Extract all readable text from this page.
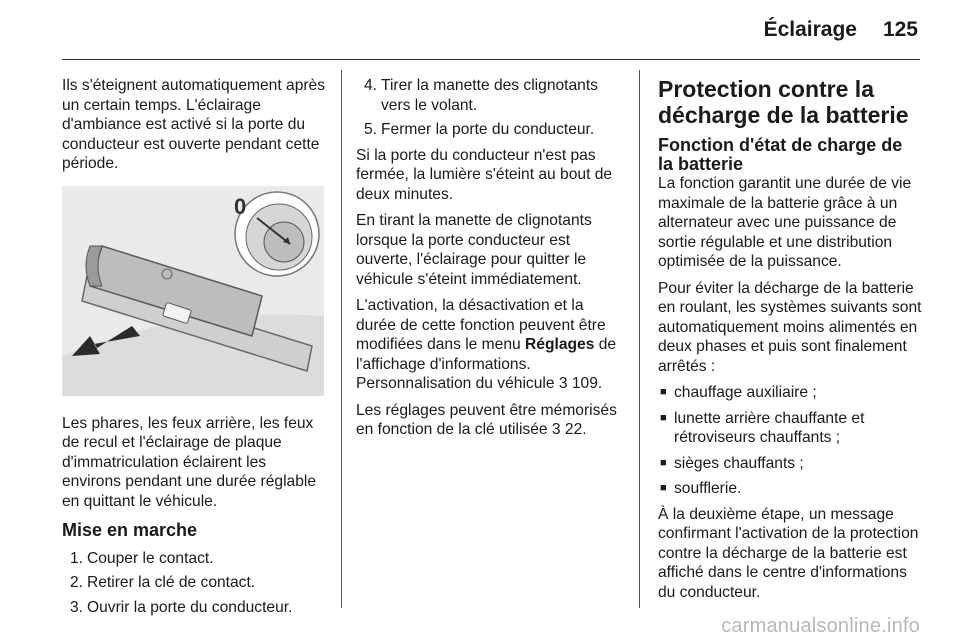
Éclairage 125

Ils s'éteignent automatiquement après un certain temps. L'éclairage d'ambiance est activé si la porte du conducteur est ouverte pendant cette période.

0

Les phares, les feux arrière, les feux de recul et l'éclairage de plaque d'immatriculation éclairent les environs pendant une durée réglable en quittant le véhicule.

Mise en marche
1. Couper le contact.
2. Retirer la clé de contact.
3. Ouvrir la porte du conducteur.
4. Tirer la manette des clignotants vers le volant.
5. Fermer la porte du conducteur.

Si la porte du conducteur n'est pas fermée, la lumière s'éteint au bout de deux minutes.

En tirant la manette de clignotants lorsque la porte conducteur est ouverte, l'éclairage pour quitter le véhicule s'éteint immédiatement.

L'activation, la désactivation et la durée de cette fonction peuvent être modifiées dans le menu Réglages de l'affichage d'informations. Personnalisation du véhicule 3 109.

Les réglages peuvent être mémorisés en fonction de la clé utilisée 3 22.

Protection contre la décharge de la batterie
Fonction d'état de charge de la batterie

La fonction garantit une durée de vie maximale de la batterie grâce à un alternateur avec une puissance de sortie régulable et une distribution optimisée de la puissance.

Pour éviter la décharge de la batterie en roulant, les systèmes suivants sont automatiquement moins alimentés en deux phases et puis sont finalement arrêtés :

■ chauffage auxiliaire ;
■ lunette arrière chauffante et rétroviseurs chauffants ;
■ sièges chauffants ;
■ soufflerie.

À la deuxième étape, un message confirmant l'activation de la protection contre la décharge de la batterie est affiché dans le centre d'informations du conducteur.

carmanualsonline.info
